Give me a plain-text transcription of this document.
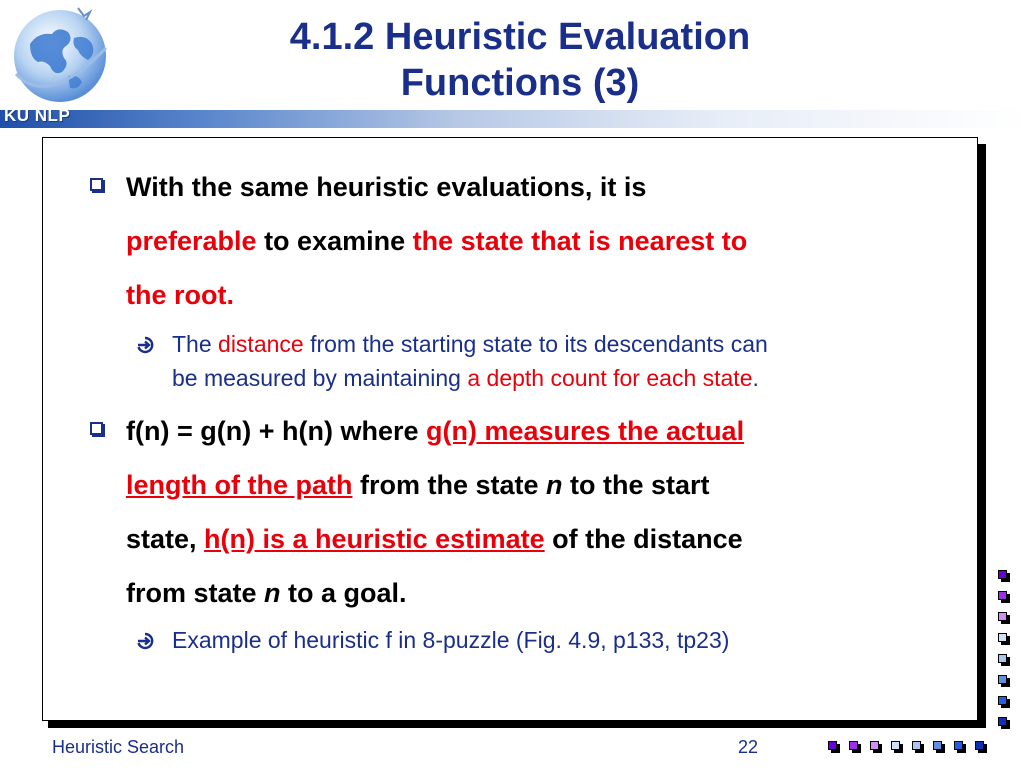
KU NLP
4.1.2 Heuristic Evaluation
Functions (3)
With the same heuristic evaluations, it is
preferable to examine the state that is nearest to
the root.
The distance from the starting state to its descendants can
be measured by maintaining a depth count for each state.
f(n) = g(n) + h(n) where g(n) measures the actual
length of the path from the state n to the start
state, h(n) is a heuristic estimate of the distance
from state n to a goal.
Example of heuristic f in 8-puzzle (Fig. 4.9, p133, tp23)
Heuristic Search	22
